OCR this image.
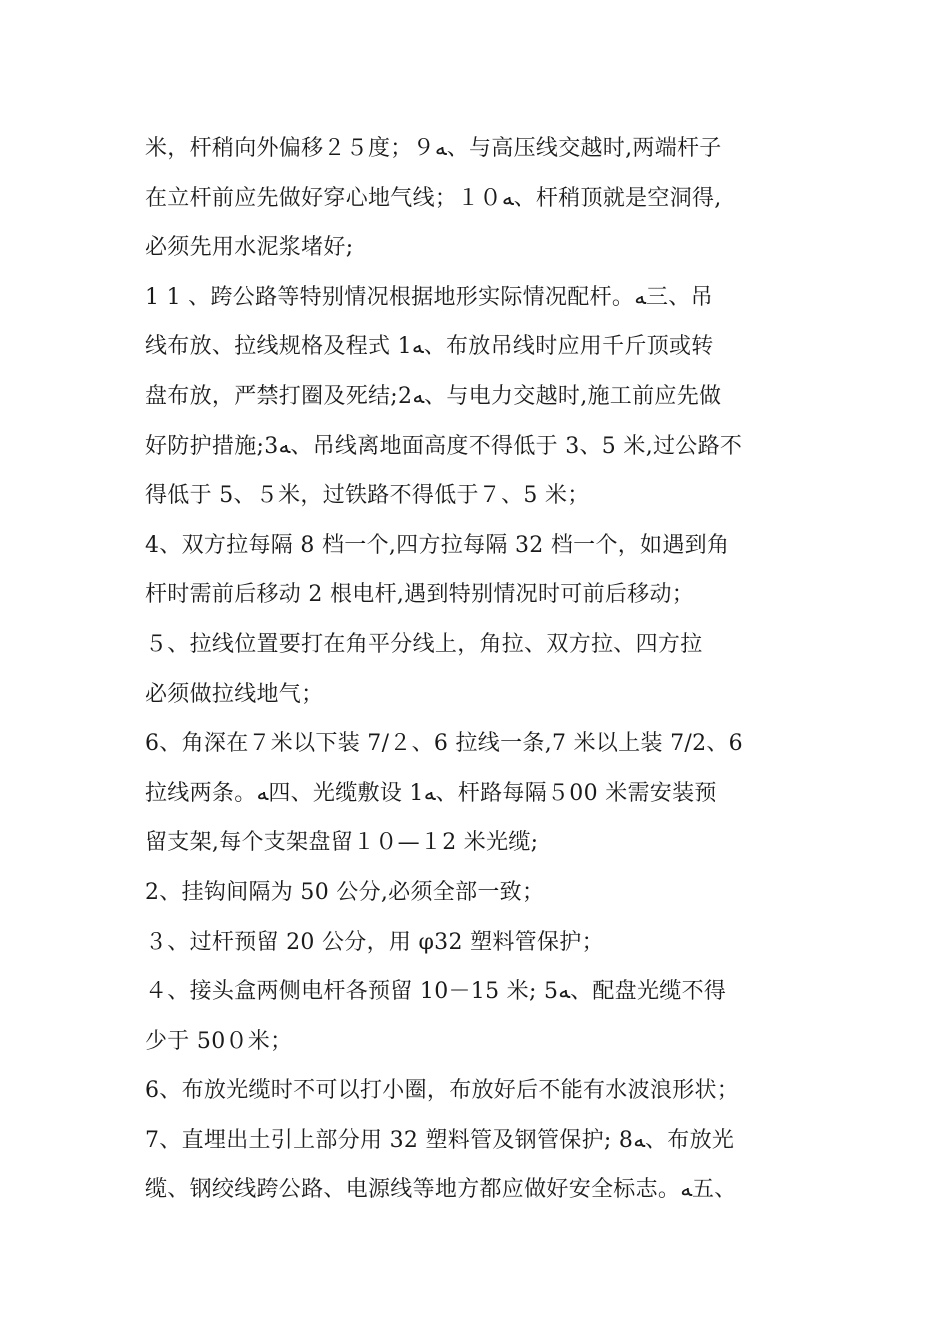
米，杆稍向外偏移２５度；９ﻪ、与高压线交越时,两端杆子
在立杆前应先做好穿心地气线；１０ﻪ、杆稍顶就是空洞得,
必须先用水泥浆堵好;
1 1 、跨公路等特别情况根据地形实际情况配杆。ﻪ三、吊
线布放、拉线规格及程式 1ﻪ、布放吊线时应用千斤顶或转
盘布放，严禁打圈及死结;2ﻪ、与电力交越时,施工前应先做
好防护措施;3ﻪ、吊线离地面高度不得低于 3、5 米,过公路不
得低于 5、５米，过铁路不得低于７、5 米；
4、双方拉每隔 8 档一个,四方拉每隔 32 档一个，如遇到角
杆时需前后移动 2 根电杆,遇到特别情况时可前后移动；
５、拉线位置要打在角平分线上，角拉、双方拉、四方拉
必须做拉线地气；
6、角深在７米以下装 7/２、6 拉线一条,7 米以上装 7/2、6
拉线两条。ﻪ四、光缆敷设 1ﻪ、杆路每隔５00 米需安装预
留支架,每个支架盘留１０—１2 米光缆;
2、挂钩间隔为 50 公分,必须全部一致；
３、过杆预留 20 公分，用 φ32 塑料管保护；
４、接头盒两侧电杆各预留 10－15 米; 5ﻪ、配盘光缆不得
少于 50０米；
6、布放光缆时不可以打小圈，布放好后不能有水波浪形状；
7、直埋出土引上部分用 32 塑料管及钢管保护; 8ﻪ、布放光
缆、钢绞线跨公路、电源线等地方都应做好安全标志。ﻪ五、
